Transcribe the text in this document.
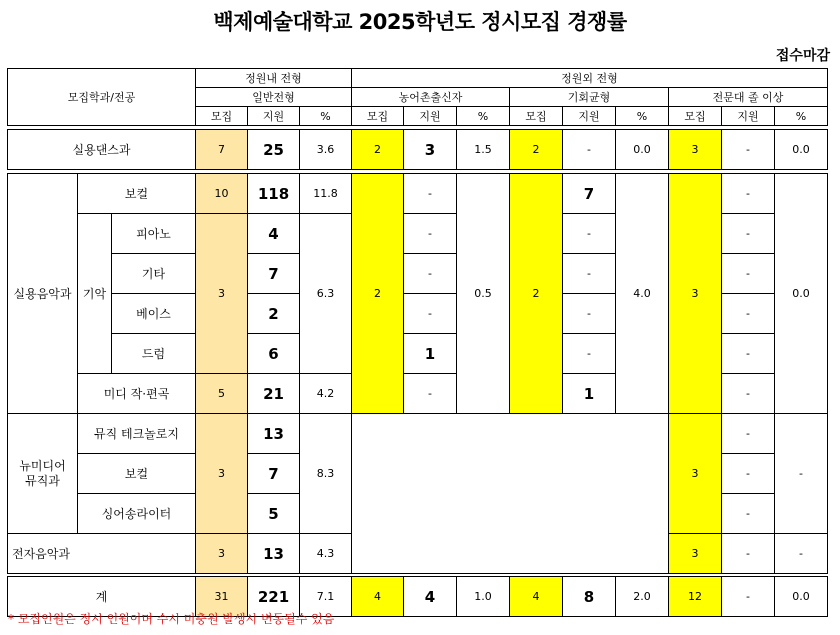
백제예술대학교 2025학년도 정시모집 경쟁률
접수마감
모집학과/전공			정원내 전형			정원외 전형								
			일반전형			농어촌출신자			기회균형			전문대 졸 이상		
			모집	지원	%	모집	지원	%	모집	지원	%	모집	지원	%

실용댄스과			7	25	3.6	2	3	1.5	2	-	0.0	3	-	0.0

실용음악과	보컬		10	118	11.8	2	-	0.5	2	7	4.0	3	-	0.0
	기악	피아노	3	4	6.3		-			-			-	
		기타		7			-			-			-	
		베이스		2			-			-			-	
		드럼		6			1			-			-	
	미디 작·편곡		5	21	4.2		-			1			-	
뉴미디어
뮤직과	뮤직 테크놀로지		3	13	8.3							3	-	-
	보컬			7									-	
	싱어송라이터			5									-	
전자음악과			3	13	4.3							3	-	-

계			31	221	7.1	4	4	1.0	4	8	2.0	12	-	0.0
* 모집인원은 정시 인원이며 수시 미충원 발생시 변동될수 있음
